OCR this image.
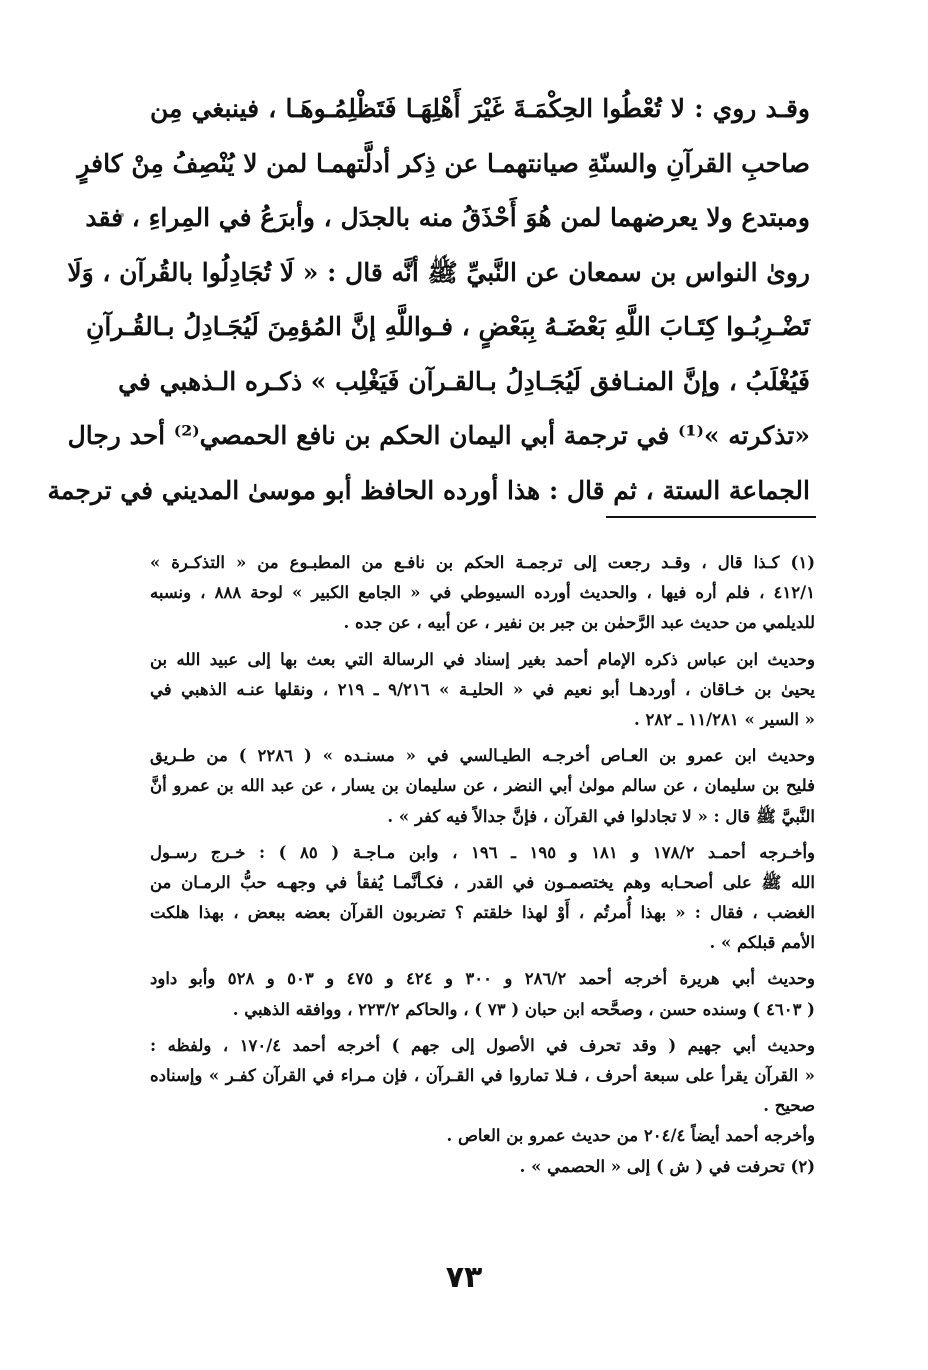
وقـد روي : لا تُعْطُوا الحِكْمَـةَ غَيْرَ أَهْلِهَـا فَتَظْلِمُـوهَـا ، فينبغي مِن
صاحبِ القرآنِ والسنّةِ صيانتهمـا عن ذِكر أدلَّتهمـا لمن لا يُنْصِفُ مِنْ كافرٍ
ومبتدع ولا يعرضهما لمن هُوَ أَحْذَقُ منه بالجدَل ، وأبرَعُ في المِراءِ ، فقد
روىٰ النواس بن سمعان عن النَّبيِّ ﷺ أنَّه قال : « لَا تُجَادِلُوا بالقُرآن ، وَلَا
تَضْـرِبُـوا كِتَـابَ اللَّهِ بَعْضَـهُ بِبَعْضٍ ، فـواللَّهِ إنَّ المُؤمِنَ لَيُجَـادِلُ بـالقُـرآنِ
فَيُغْلَبُ ، وإنَّ المنـافق لَيُجَـادِلُ بـالقـرآن فَيَغْلِب » ذكـره الـذهبي في
«تذكرته »⁽¹⁾ في ترجمة أبي اليمان الحكم بن نافع الحمصي⁽²⁾ أحد رجال
الجماعة الستة ، ثم قال : هذا أورده الحافظ أبو موسىٰ المديني في ترجمة
(١) كـذا قال ، وقـد رجعت إلى ترجمـة الحكم بن نافـع من المطبـوع من « التذكـرة »
٤١٢/١ ، فلم أره فيها ، والحديث أورده السيوطي في « الجامع الكبير » لوحة ٨٨٨ ، ونسبه
للديلمي من حديث عبد الرَّحمٰن بن جبر بن نفير ، عن أبيه ، عن جده .
وحديث ابن عباس ذكره الإمام أحمد بغير إسناد في الرسالة التي بعث بها إلى عبيد الله بن
يحيىٰ بن خـاقان ، أوردهـا أبو نعيم في « الحليـة » ٩/٢١٦ ـ ٢١٩ ، ونقلها عنـه الذهبي في
« السير » ١١/٢٨١ ـ ٢٨٢ .
وحديث ابن عمرو بن العـاص أخرجـه الطيـالسي في « مسنـده » ( ٢٢٨٦ ) من طـريق
فليح بن سليمان ، عن سالم مولىٰ أبي النضر ، عن سليمان بن يسار ، عن عبد الله بن عمرو أنَّ
النَّبيَّ ﷺ قال : « لا تجادلوا في القرآن ، فإنَّ جدالاً فيه كفر » .
وأخـرجه أحمـد ١٧٨/٢ و ١٨١ و ١٩٥ ـ ١٩٦ ، وابن مـاجـة ( ٨٥ ) : خـرج رسـول
الله ﷺ على أصحـابه وهم يختصمـون في القدر ، فكـأنَّمـا يُفقأ في وجهـه حبُّ الرمـان من
الغضب ، فقال : « بهذا أُمرتُم ، أَوْ لهذا خلقتم ؟ تضربون القرآن بعضه ببعض ، بهذا هلكت
الأمم قبلكم » .
وحديث أبي هريرة أخرجه أحمد ٢٨٦/٢ و ٣٠٠ و ٤٢٤ و ٤٧٥ و ٥٠٣ و ٥٢٨ وأبو داود
( ٤٦٠٣ ) وسنده حسن ، وصحَّحه ابن حبان ( ٧٣ ) ، والحاكم ٢٢٣/٢ ، ووافقه الذهبي .
وحديث أبي جهيم ( وقد تحرف في الأصول إلى جهم ) أخرجه أحمد ١٧٠/٤ ، ولفظه :
« القرآن يقرأ على سبعة أحرف ، فـلا تماروا في القـرآن ، فإن مـراء في القرآن كفـر » وإسناده
صحيح .
وأخرجه أحمد أيضاً ٢٠٤/٤ من حديث عمرو بن العاص .
(٢) تحرفت في ( ش ) إلى « الحصمي » .
٧٣
